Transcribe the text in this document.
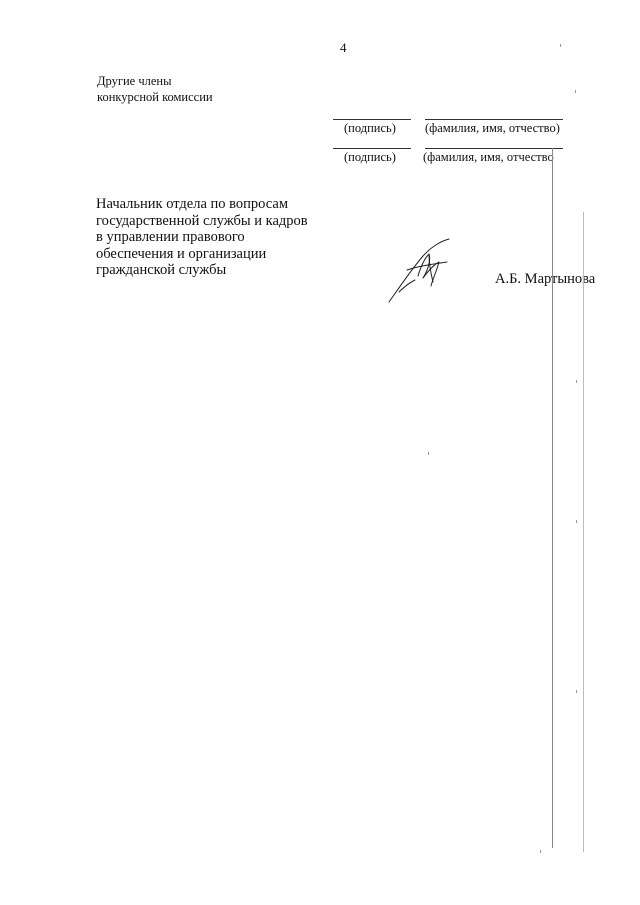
4
Другие члены
конкурсной комиссии
(подпись) (фамилия, имя, отчество)
(подпись) (фамилия, имя, отчество
Начальник отдела по вопросам
государственной службы и кадров
в управлении правового
обеспечения и организации
гражданской службы
А.Б. Мартынова
